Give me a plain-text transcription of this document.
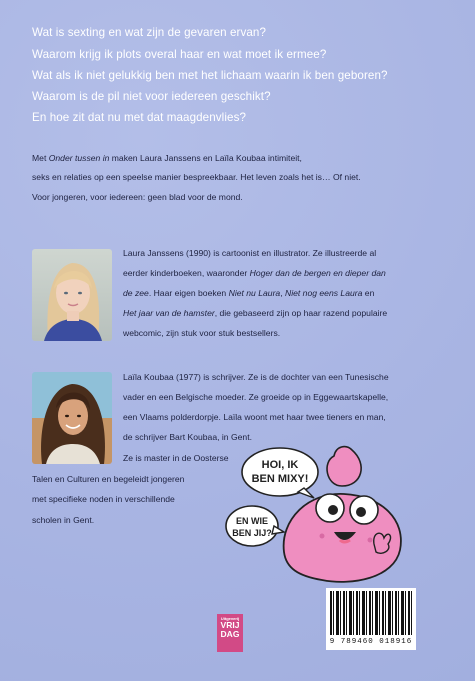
Wat is sexting en wat zijn de gevaren ervan?
Waarom krijg ik plots overal haar en wat moet ik ermee?
Wat als ik niet gelukkig ben met het lichaam waarin ik ben geboren?
Waarom is de pil niet voor iedereen geschikt?
En hoe zit dat nu met dat maagdenvlies?
Met Onder tussen in maken Laura Janssens en Laïla Koubaa intimiteit,
seks en relaties op een speelse manier bespreekbaar. Het leven zoals het is… Of niet.
Voor jongeren, voor iedereen: geen blad voor de mond.
Laura Janssens (1990) is cartoonist en illustrator. Ze illustreerde al
eerder kinderboeken, waaronder Hoger dan de bergen en dieper dan
de zee. Haar eigen boeken Niet nu Laura, Niet nog eens Laura en
Het jaar van de hamster, die gebaseerd zijn op haar razend populaire
webcomic, zijn stuk voor stuk bestsellers.
Laïla Koubaa (1977) is schrijver. Ze is de dochter van een Tunesische
vader en een Belgische moeder. Ze groeide op in Eggewaartskapelle,
een Vlaams polderdorpje. Laïla woont met haar twee tieners en man,
de schrijver Bart Koubaa, in Gent.
Ze is master in de Oosterse
Talen en Culturen en begeleidt jongeren
met specifieke noden in verschillende
scholen in Gent.
HOI, IK
BEN MIXY!
EN WIE
BEN JIJ?
Uitgeverij
VRIJ
DAG
9 789460 018916
